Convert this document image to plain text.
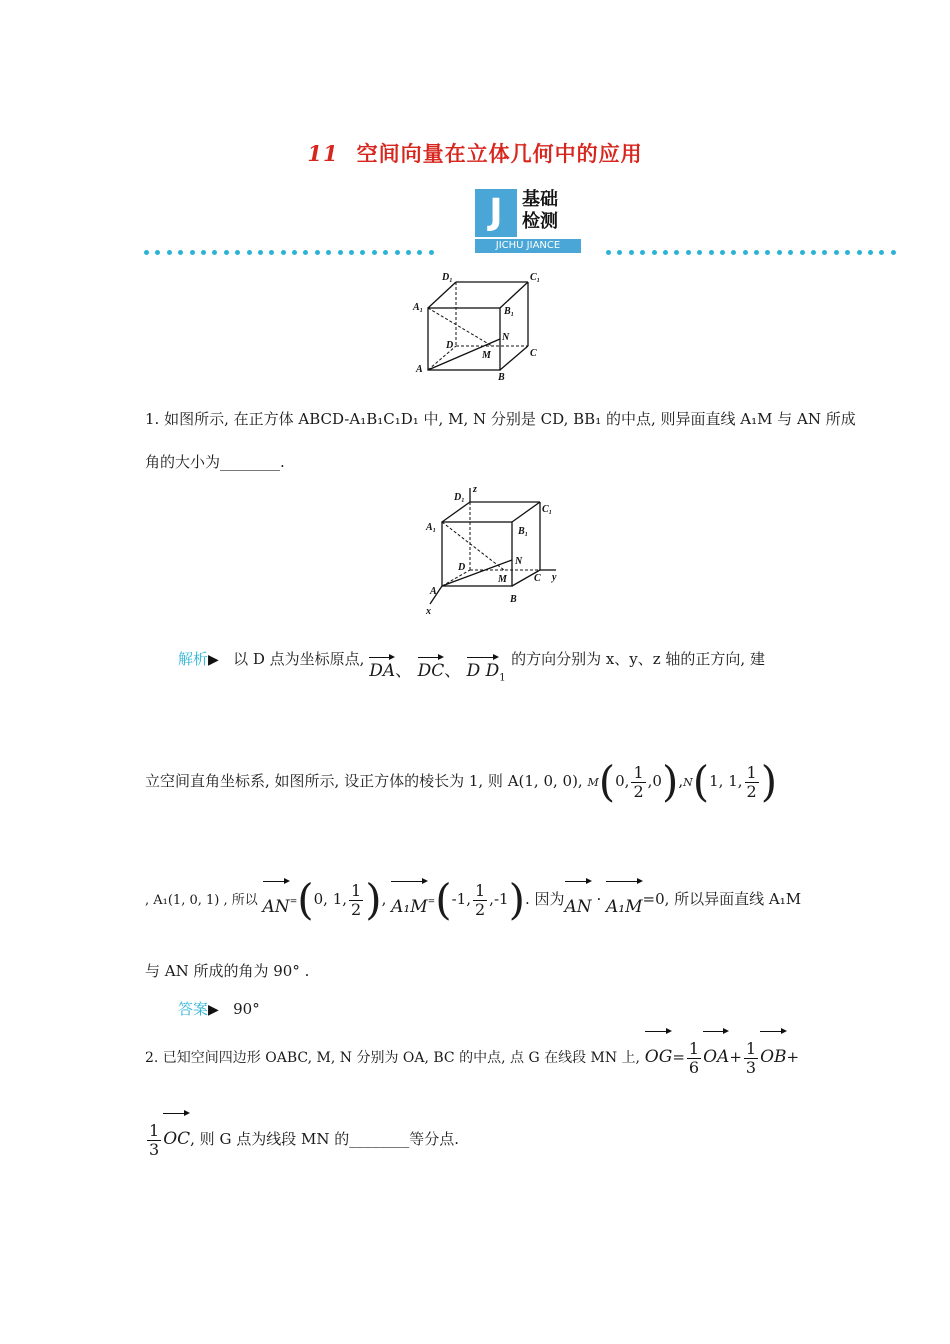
11 空间向量在立体几何中的应用
J	基础
检测
JICHU JIANCE
D₁	C₁
A₁	B₁
N
D
M	C
A
B
1. 如图所示, 在正方体 ABCD-A₁B₁C₁D₁ 中, M, N 分别是 CD, BB₁ 的中点, 则异面直线 A₁M 与 AN 所成
角的大小为________.
D₁
z
C₁
A₁	B₁
N
D
M	C y
A
B
x
解析▶ 以 D 点为坐标原点, DA、 DC、 D $D_1$ 的方向分别为 x、y、z 轴的正方向, 建
立空间直角坐标系, 如图所示, 设正方体的棱长为 1, 则 A(1, 0, 0), M(0, $\frac{1}{2} ,0),N(1$, 1, $\frac{1}{2}$ )
, A₁(1, 0, 1) , 所以 AN=(0, 1, $\frac{1}{2}$ ), A₁M=(-1, $\frac{1}{2} ,-1$). 因为AN · A₁M=0, 所以异面直线 A₁M
与 AN 所成的角为 90° .
答案▶ 90°
2. 已知空间四边形 OABC, M, N 分别为 OA, BC 的中点, 点 G 在线段 MN 上, $OG= \frac{1}{6} OA+ \frac{1}{3} OB+$
$\frac{1}{3}$ OC, 则 G 点为线段 MN 的________等分点.
